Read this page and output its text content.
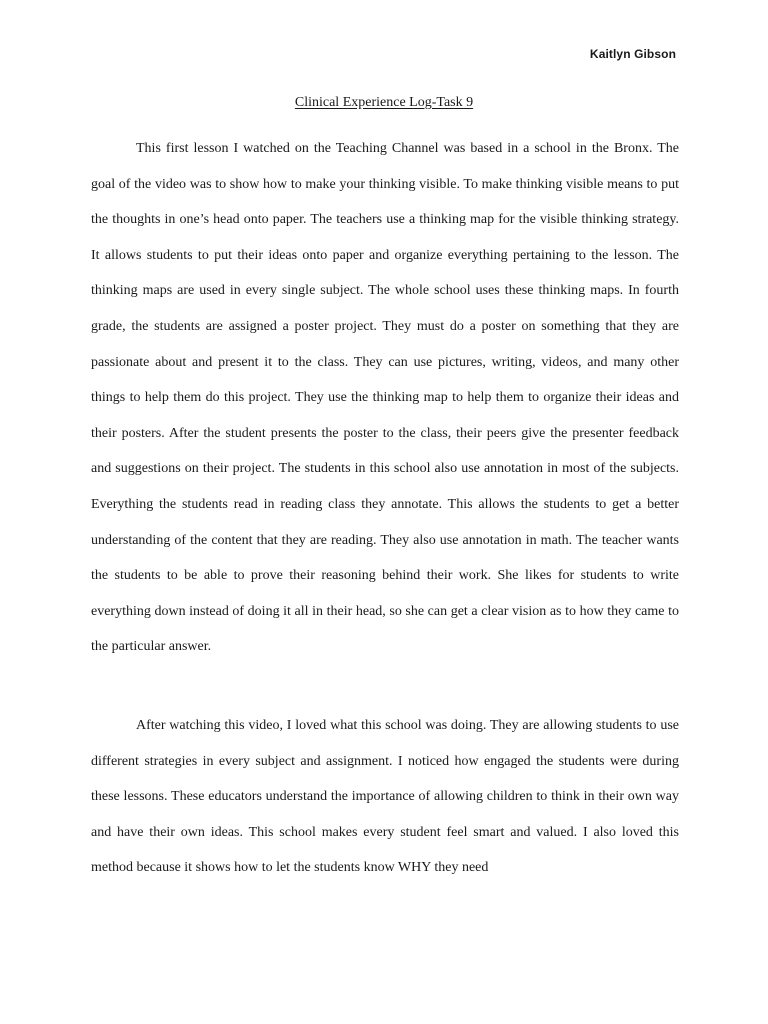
Kaitlyn Gibson
Clinical Experience Log-Task 9

This first lesson I watched on the Teaching Channel was based in a school in the Bronx. The goal of the video was to show how to make your thinking visible. To make thinking visible means to put the thoughts in one’s head onto paper. The teachers use a thinking map for the visible thinking strategy. It allows students to put their ideas onto paper and organize everything pertaining to the lesson. The thinking maps are used in every single subject. The whole school uses these thinking maps. In fourth grade, the students are assigned a poster project. They must do a poster on something that they are passionate about and present it to the class. They can use pictures, writing, videos, and many other things to help them do this project. They use the thinking map to help them to organize their ideas and their posters. After the student presents the poster to the class, their peers give the presenter feedback and suggestions on their project. The students in this school also use annotation in most of the subjects. Everything the students read in reading class they annotate. This allows the students to get a better understanding of the content that they are reading. They also use annotation in math. The teacher wants the students to be able to prove their reasoning behind their work. She likes for students to write everything down instead of doing it all in their head, so she can get a clear vision as to how they came to the particular answer.

After watching this video, I loved what this school was doing. They are allowing students to use different strategies in every subject and assignment. I noticed how engaged the students were during these lessons. These educators understand the importance of allowing children to think in their own way and have their own ideas. This school makes every student feel smart and valued. I also loved this method because it shows how to let the students know WHY they need
